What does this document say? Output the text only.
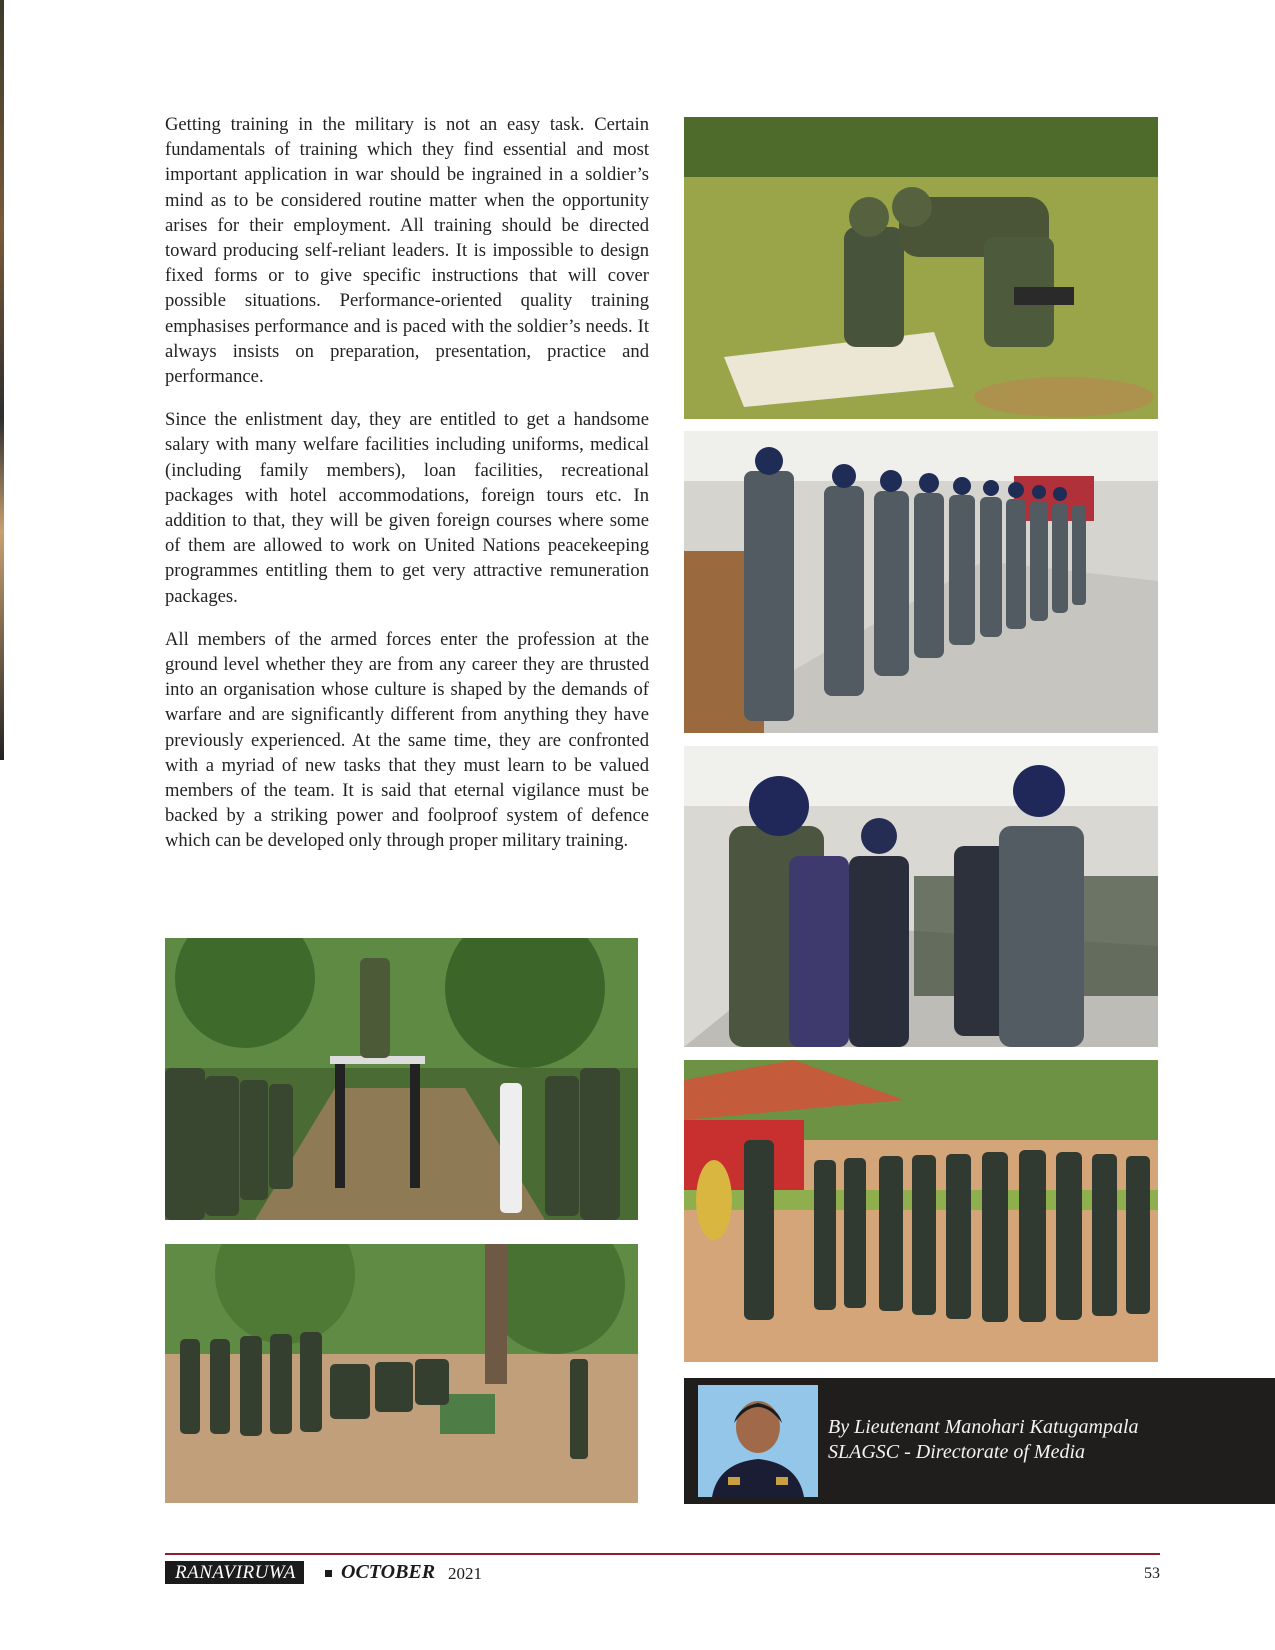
Getting training in the military is not an easy task. Certain fundamentals of training which they find essential and most important application in war should be ingrained in a soldier’s mind as to be considered routine matter when the opportunity arises for their employment. All training should be directed toward producing self-reliant leaders. It is impossible to design fixed forms or to give specific instructions that will cover possible situations. Performance-oriented quality training emphasises performance and is paced with the soldier’s needs. It always insists on preparation, presentation, practice and performance.

Since the enlistment day, they are entitled to get a handsome salary with many welfare facilities including uniforms, medical (including family members), loan facilities, recreational packages with hotel accommodations, foreign tours etc. In addition to that, they will be given foreign courses where some of them are allowed to work on United Nations peacekeeping programmes entitling them to get very attractive remuneration packages.

All members of the armed forces enter the profession at the ground level whether they are from any career they are thrusted into an organisation whose culture is shaped by the demands of warfare and are significantly different from anything they have previously experienced. At the same time, they are confronted with a myriad of new tasks that they must learn to be valued members of the team. It is said that eternal vigilance must be backed by a striking power and foolproof system of defence which can be developed only through proper military training.

By Lieutenant Manohari Katugampala
SLAGSC - Directorate of Media
RANAVIRUWA	OCTOBER 2021	53
